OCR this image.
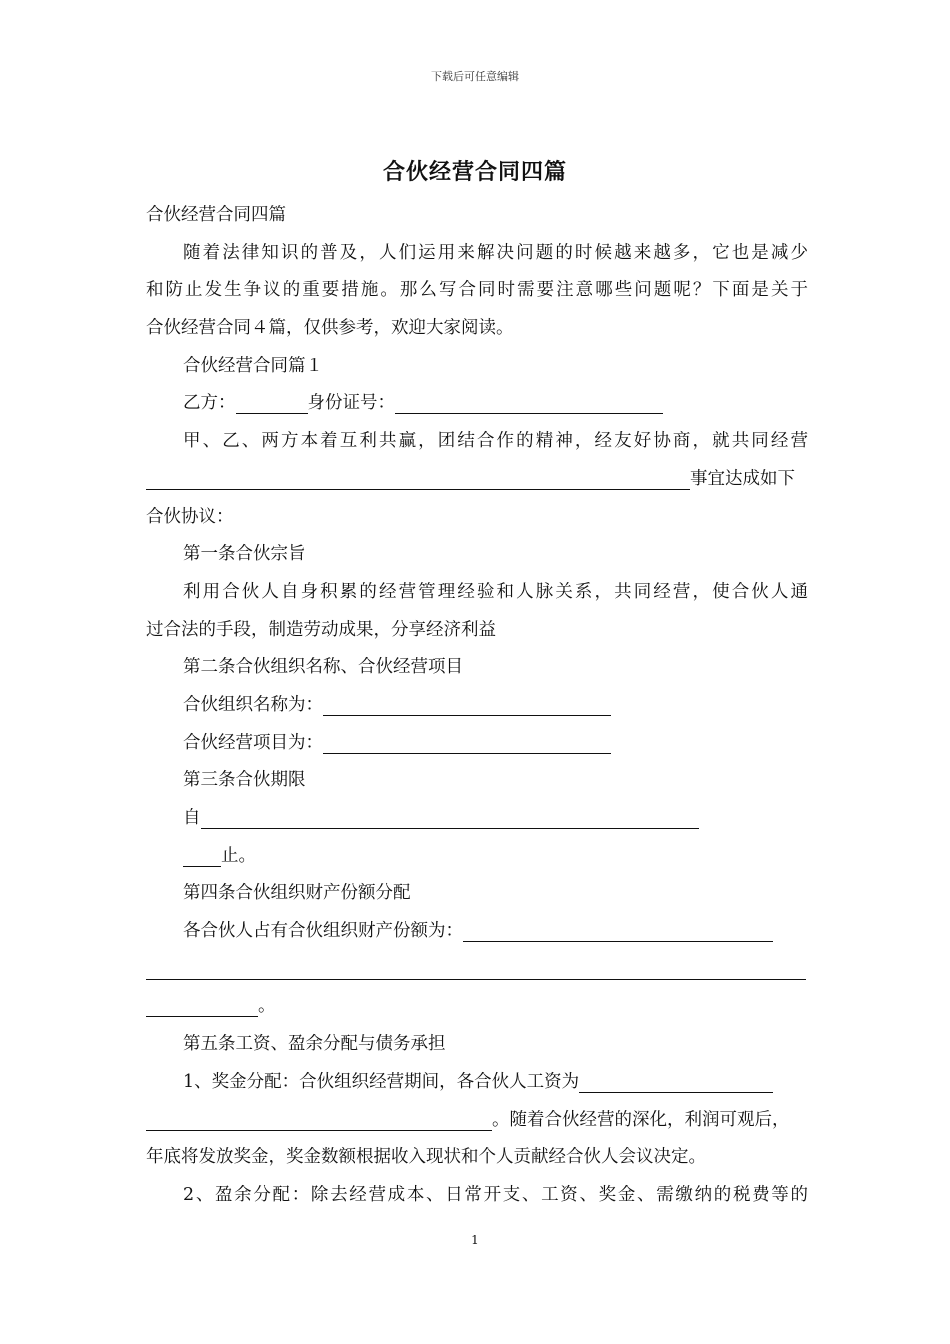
下载后可任意编辑
合伙经营合同四篇
合伙经营合同四篇
随着法律知识的普及，人们运用来解决问题的时候越来越多，它也是减少
和防止发生争议的重要措施。那么写合同时需要注意哪些问题呢？下面是关于
合伙经营合同４篇，仅供参考，欢迎大家阅读。
合伙经营合同篇１
乙方：	身份证号：
甲、乙、两方本着互利共赢，团结合作的精神，经友好协商，就共同经营
事宜达成如下
合伙协议：
第一条合伙宗旨
利用合伙人自身积累的经营管理经验和人脉关系，共同经营，使合伙人通
过合法的手段，制造劳动成果，分享经济利益
第二条合伙组织名称、合伙经营项目
合伙组织名称为：
合伙经营项目为：
第三条合伙期限
自
止。
第四条合伙组织财产份额分配
各合伙人占有合伙组织财产份额为：
。
第五条工资、盈余分配与债务承担
1、奖金分配：合伙组织经营期间，各合伙人工资为
。随着合伙经营的深化，利润可观后，
年底将发放奖金，奖金数额根据收入现状和个人贡献经合伙人会议决定。
2、盈余分配：除去经营成本、日常开支、工资、奖金、需缴纳的税费等的
1
